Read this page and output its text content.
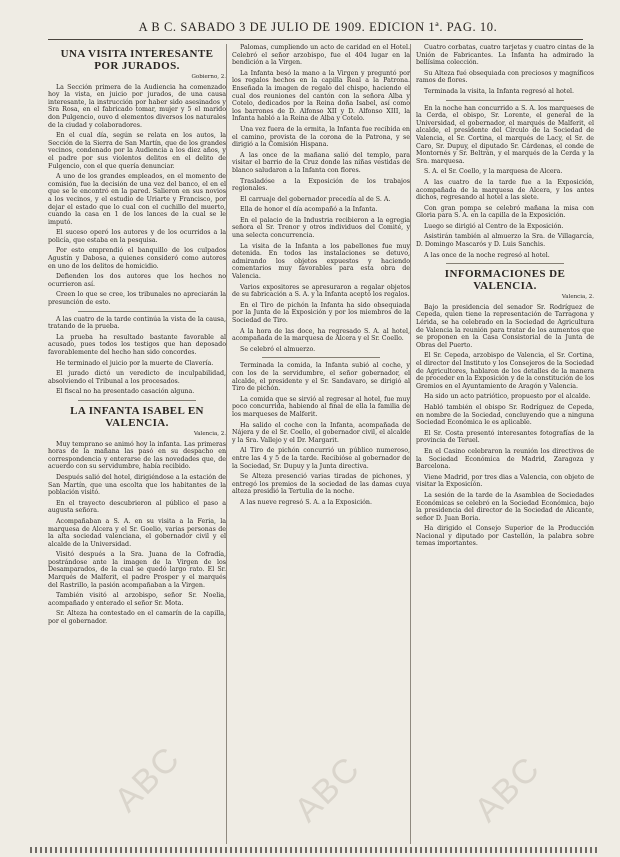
A B C. SABADO 3 DE JULIO DE 1909. EDICION 1ª. PAG. 10.
UNA VISITA INTERESANTE POR JURADOS.
Gobierno, 2.

La Sección primera de la Audiencia ha comenzado hoy la vista, en juicio por jurados, de una causa interesante, la instrucción por haber sido asesinados y Sra Rosa, en el fabricado tomar, mujer y 5 el marido don Pulgencio, ouvo d elementos diversos los naturales de la ciudad y colaboradores.

En el cual día, según se relata en los autos, la Sección de la Sierra de San Martín, que de los grandes vecinos, condenado por la Audiencia a los diez años, y el padre por sus violentos delitos en el delito de Fulgencio, con el que quería denunciar.

A uno de los grandes empleados, en el momento de comisión, fue la decisión de una vez del banco, el en el que se le encontró en la pared. Salieron en sus novios a los vecinos, y el estudio de Uriarte y Francisco, por dejar el estado que lo cual con el cuchillo del muerto, cuando la casa en 1 de los lances de la cual se le imputó.

El suceso operó los autores y de los ocurridos a la policía, que estaba en la pesquisa.

Por esto emprendió el banquillo de los culpados Agustín y Dabosa, a quienes consideró como autores en uno de los delitos de homicidio.

Defienden los dos autores que los hechos no ocurrieron así.

Creen lo que se cree, los tribunales no apreciarán la presunción de esto.

A las cuatro de la tarde continúa la vista de la causa, tratando de la prueba.

La prueba ha resultado bastante favorable al acusado, pues todos los testigos que han deposado favorablemente del hecho han sido concordes.

He terminado el juicio por la muerte de Clavería.

El jurado dictó un veredicto de inculpabilidad, absolviendo el Tribunal a los procesados.

El fiscal no ha presentado casación alguna.

LA INFANTA ISABEL EN VALENCIA.
Valencia, 2.

Muy temprano se animó hoy la infanta. Las primeras horas de la mañana las pasó en su despacho en correspondencia y enterarse de las novedades que, de acuerdo con su servidumbre, había recibido.

Después salió del hotel, dirigiéndose a la estación de San Martín, que una escolta que los habitantes de la población visitó.

En el trayecto descubrieron al público el paso a augusta señora.

Acompañaban a S. A. en su visita a la Feria, la marquesa de Alcera y el Sr. Goelio, varias personas de la alta sociedad valenciana, el gobernador civil y el alcalde de la Universidad.

Visitó después a la Sra. Juana de la Cofradía, postrándose ante la imagen de la Virgen de los Desamparados, de la cual se quedó largo rato. El Sr. Marqués de Malferit, el padre Prosper y el marqués del Rastrillo, la pasión acompañaban a la Virgen.

También visitó al arzobispo, señor Sr. Noelia, acompañado y enterado el señor Sr. Mota.

Sr. Alteza ha contestado en el camarín de la capilla, por el gobernador.

Palomas, cumpliendo un acto de caridad en el Hotel. Celebró el señor arzobispo, fue el 404 lugar en la bendición a la Virgen.

La Infanta besó la mano a la Virgen y preguntó por los regalos hechos en la capilla Real a la Patrona. Enseñada la imagen de regalo del chispo, haciendo el cual dos reuniones del cantón con la señora Alba y Cotelo, dedicados por la Reina doña Isabel, así como los barrones de D. Alfonso XII y D. Alfonso XIII, la Infanta habló a la Reina de Alba y Cotelo.

Una vez fuera de la ermita, la Infanta fue recibida en el camino, provista de la corona de la Patrona, y se dirigió a la Comisión Hispana.

A las once de la mañana salió del templo, para visitar el barrio de la Cruz donde las niñas vestidas de blanco saludaron a la Infanta con flores.

Trasladóse a la Exposición de los trabajos regionales.

El carruaje del gobernador precedía al de S. A.

Ella de honor el día acompañó a la Infanta.

En el palacio de la Industria recibieron a la egregia señora el Sr. Trenor y otros individuos del Comité, y una selecta concurrencia.

La visita de la Infanta a los pabellones fue muy detenida. En todos las instalaciones se detuvo, admirando los objetos expuestos y haciendo comentarios muy favorables para esta obra de Valencia.

Varios expositores se apresuraron a regalar objetos de su fabricación a S. A. y la Infanta aceptó los regalos.

En el Tiro de pichón la Infanta ha sido obsequiada por la Junta de la Exposición y por los miembros de la Sociedad de Tiro.

A la hora de las doce, ha regresado S. A. al hotel, acompañada de la marquesa de Alcera y el Sr. Coello.

Se celebró el almuerzo.

Terminada la comida, la Infanta subió al coche, y con los de la servidumbre, el señor gobernador, el alcalde, el presidente y el Sr. Sandavaro, se dirigió al Tiro de pichón.

La comida que se sirvió al regresar al hotel, fue muy poco concurrida, habiendo al final de ella la familia de los marqueses de Malferit.

Ha salido el coche con la Infanta, acompañada de Nájera y de el Sr. Coello, el gobernador civil, el alcalde y la Sra. Vallejo y el Dr. Margarit.

Al Tiro de pichón concurrió un público numeroso, entre las 4 y 5 de la tarde. Recibióse al gobernador de la Sociedad, Sr. Dupuy y la Junta directiva.

Se Alteza presenció varias tiradas de pichones, y entregó los premios de la sociedad de las damas cuya alteza presidió la Tertulia de la noche.

A las nueve regresó S. A. a la Exposición.

Cuatro corbatas, cuatro tarjetas y cuatro cintas de la Unión de Fabricantes. La Infanta ha admirado la bellísima colección.

Su Alteza fué obsequiada con preciosos y magníficos ramos de flores.

Terminada la visita, la Infanta regresó al hotel.

En la noche han concurrido a S. A. los marqueses de la Cerda, el obispo, Sr. Lorente, el general de la Universidad, el gobernador, el marqués de Malferit, el alcalde, el presidente del Círculo de la Sociedad de Valencia, el Sr. Cortina, el marqués de Lacy, el Sr. de Caro, Sr. Dupuy, el diputado Sr. Cárdenas, el conde de Montornés y Sr. Beltrán, y el marqués de la Cerda y la Sra. marquesa.

S. A. el Sr. Coello, y la marquesa de Alcera.

A las cuatro de la tarde fue a la Exposición, acompañada de la marquesa de Alcera, y los antes dichos, regresando al hotel a las siete.

Con gran pompa se celebró mañana la misa con Gloria para S. A. en la capilla de la Exposición.

Luego se dirigió al Centro de la Exposición.

Asistirán también al almuerzo la Sra. de Villagarcía, D. Domingo Mascarós y D. Luis Sanchis.

A las once de la noche regresó al hotel.

INFORMACIONES DE VALENCIA.
Valencia, 2.

Bajo la presidencia del senador Sr. Rodríguez de Cepeda, quien tiene la representación de Tarragona y Lérida, se ha celebrado en la Sociedad de Agricultura de Valencia la reunión para tratar de los aumentos que se proponen en la Casa Consistorial de la Junta de Obras del Puerto.

El Sr. Cepeda, arzobispo de Valencia, el Sr. Cortina, el director del Instituto y los Consejeros de la Sociedad de Agricultores, hablaron de los detalles de la manera de proceder en la Exposición y de la constitución de los Gremios en el Ayuntamiento de Aragón y Valencia.

Ha sido un acto patriótico, propuesto por el alcalde.

Habló también el obispo Sr. Rodríguez de Cepeda, en nombre de la Sociedad, concluyendo que a ninguna Sociedad Económica le es aplicable.

El Sr. Costa presentó interesantes fotografías de la provincia de Teruel.

En el Casino celebraron la reunión los directivos de la Sociedad Económica de Madrid, Zaragoza y Barcelona.

Viene Madrid, por tres dias a Valencia, con objeto de visitar la Exposición.

La sesión de la tarde de la Asamblea de Sociedades Económicas se celebró en la Sociedad Económica, bajo la presidencia del director de la Sociedad de Alicante, señor D. Juan Boria.

Ha dirigido el Consejo Superior de la Producción Nacional y diputado por Castellón, la palabra sobre temas importantes.

ABC	ABC	ABC
